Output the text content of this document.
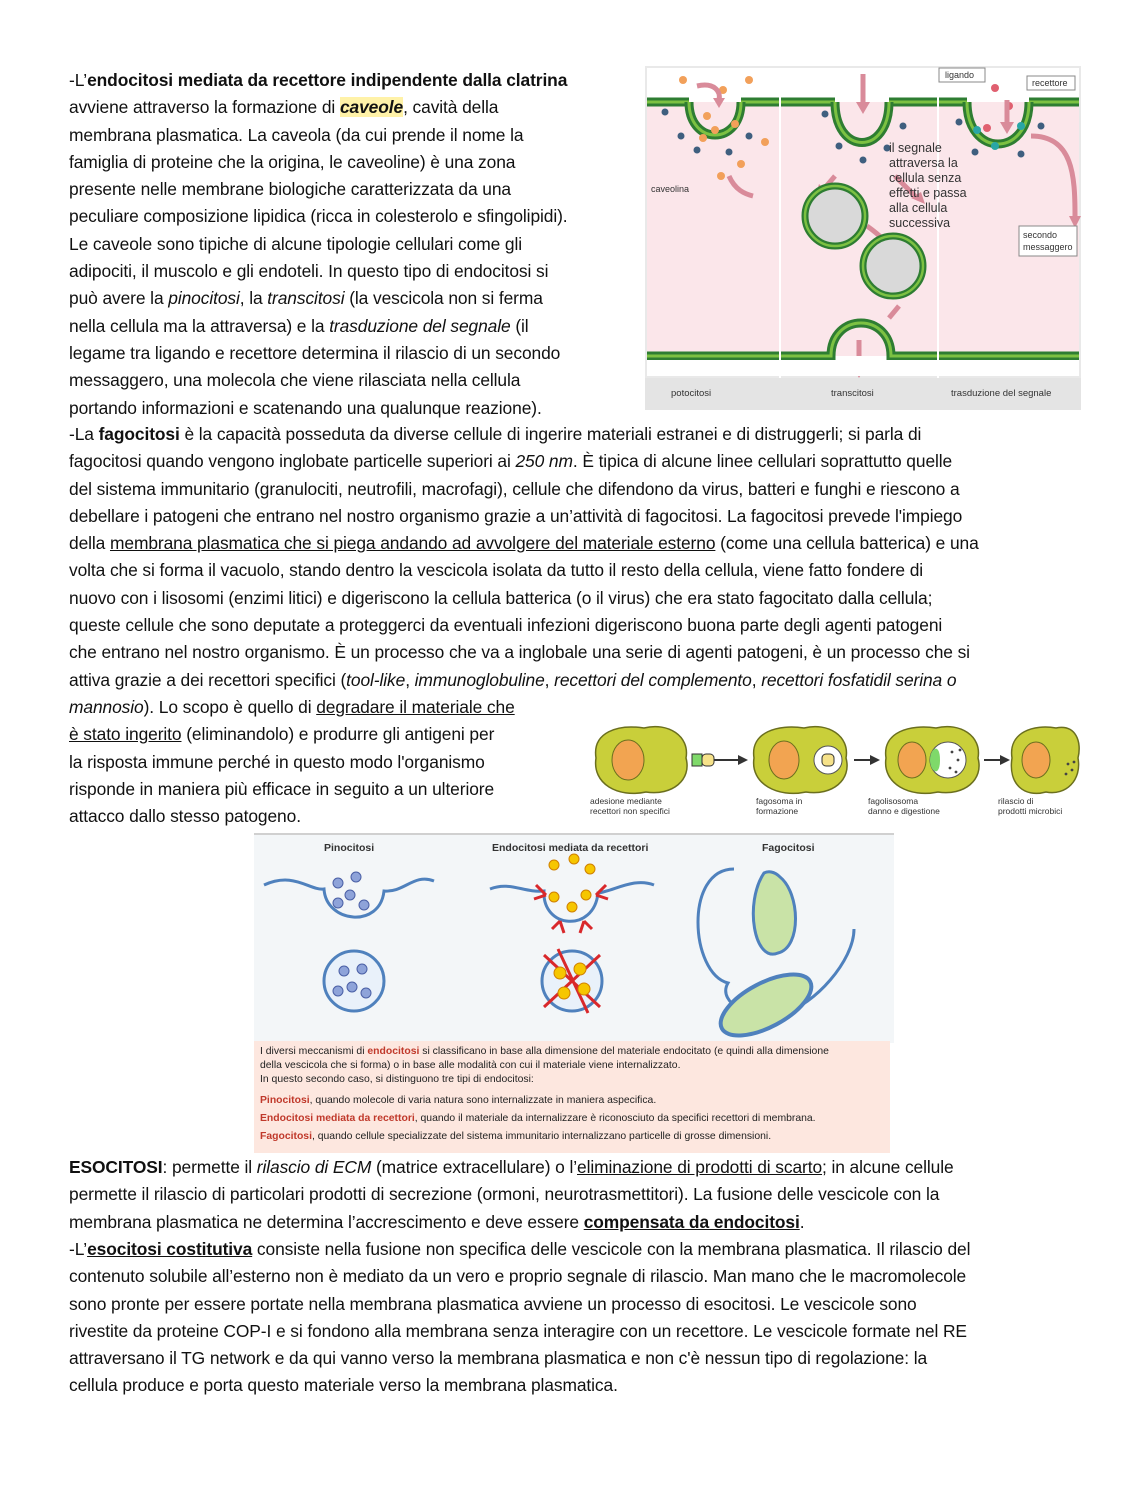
-L’endocitosi mediata da recettore indipendente dalla clatrina
avviene attraverso la formazione di caveole, cavità della
membrana plasmatica. La caveola (da cui prende il nome la
famiglia di proteine che la origina, le caveoline) è una zona
presente nelle membrane biologiche caratterizzata da una
peculiare composizione lipidica (ricca in colesterolo e sfingolipidi).
Le caveole sono tipiche di alcune tipologie cellulari come gli
adipociti, il muscolo e gli endoteli. In questo tipo di endocitosi si
può avere la pinocitosi, la transcitosi (la vescicola non si ferma
nella cellula ma la attraversa) e la trasduzione del segnale (il
legame tra ligando e recettore determina il rilascio di un secondo
messaggero, una molecola che viene rilasciata nella cellula
portando informazioni e scatenando una qualunque reazione).
ligando
recettore
caveolina
secondo
messaggero
il segnale
attraversa la
cellula senza
effetti e passa
alla cellula
successiva
potocitosi	transcitosi	trasduzione del segnale
-La fagocitosi è la capacità posseduta da diverse cellule di ingerire materiali estranei e di distruggerli; si parla di
fagocitosi quando vengono inglobate particelle superiori ai 250 nm. È tipica di alcune linee cellulari soprattutto quelle
del sistema immunitario (granulociti, neutrofili, macrofagi), cellule che difendono da virus, batteri e funghi e riescono a
debellare i patogeni che entrano nel nostro organismo grazie a un’attività di fagocitosi. La fagocitosi prevede l'impiego
della membrana plasmatica che si piega andando ad avvolgere del materiale esterno (come una cellula batterica) e una
volta che si forma il vacuolo, stando dentro la vescicola isolata da tutto il resto della cellula, viene fatto fondere di
nuovo con i lisosomi (enzimi litici) e digeriscono la cellula batterica (o il virus) che era stato fagocitato dalla cellula;
queste cellule che sono deputate a proteggerci da eventuali infezioni digeriscono buona parte degli agenti patogeni
che entrano nel nostro organismo. È un processo che va a inglobale una serie di agenti patogeni, è un processo che si
attiva grazie a dei recettori specifici (tool-like, immunoglobuline, recettori del complemento, recettori fosfatidil serina o
mannosio). Lo scopo è quello di degradare il materiale che
è stato ingerito (eliminandolo) e produrre gli antigeni per
la risposta immune perché in questo modo l'organismo
risponde in maniera più efficace in seguito a un ulteriore
attacco dallo stesso patogeno.
adesione mediante
recettori non specifici
fagosoma in
formazione
fagolisosoma
danno e digestione
rilascio di
prodotti microbici
Pinocitosi	Endocitosi mediata da recettori	Fagocitosi
I diversi meccanismi di endocitosi si classificano in base alla dimensione del materiale endocitato (e quindi alla dimensione
della vescicola che si forma) o in base alle modalità con cui il materiale viene internalizzato.
In questo secondo caso, si distinguono tre tipi di endocitosi:
Pinocitosi, quando molecole di varia natura sono internalizzate in maniera aspecifica.
Endocitosi mediata da recettori, quando il materiale da internalizzare è riconosciuto da specifici recettori di membrana.
Fagocitosi, quando cellule specializzate del sistema immunitario internalizzano particelle di grosse dimensioni.
ESOCITOSI: permette il rilascio di ECM (matrice extracellulare) o l’eliminazione di prodotti di scarto; in alcune cellule
permette il rilascio di particolari prodotti di secrezione (ormoni, neurotrasmettitori). La fusione delle vescicole con la
membrana plasmatica ne determina l’accrescimento e deve essere compensata da endocitosi.
-L’esocitosi costitutiva consiste nella fusione non specifica delle vescicole con la membrana plasmatica. Il rilascio del
contenuto solubile all’esterno non è mediato da un vero e proprio segnale di rilascio. Man mano che le macromolecole
sono pronte per essere portate nella membrana plasmatica avviene un processo di esocitosi. Le vescicole sono
rivestite da proteine COP-I e si fondono alla membrana senza interagire con un recettore. Le vescicole formate nel RE
attraversano il TG network e da qui vanno verso la membrana plasmatica e non c'è nessun tipo di regolazione: la
cellula produce e porta questo materiale verso la membrana plasmatica.
